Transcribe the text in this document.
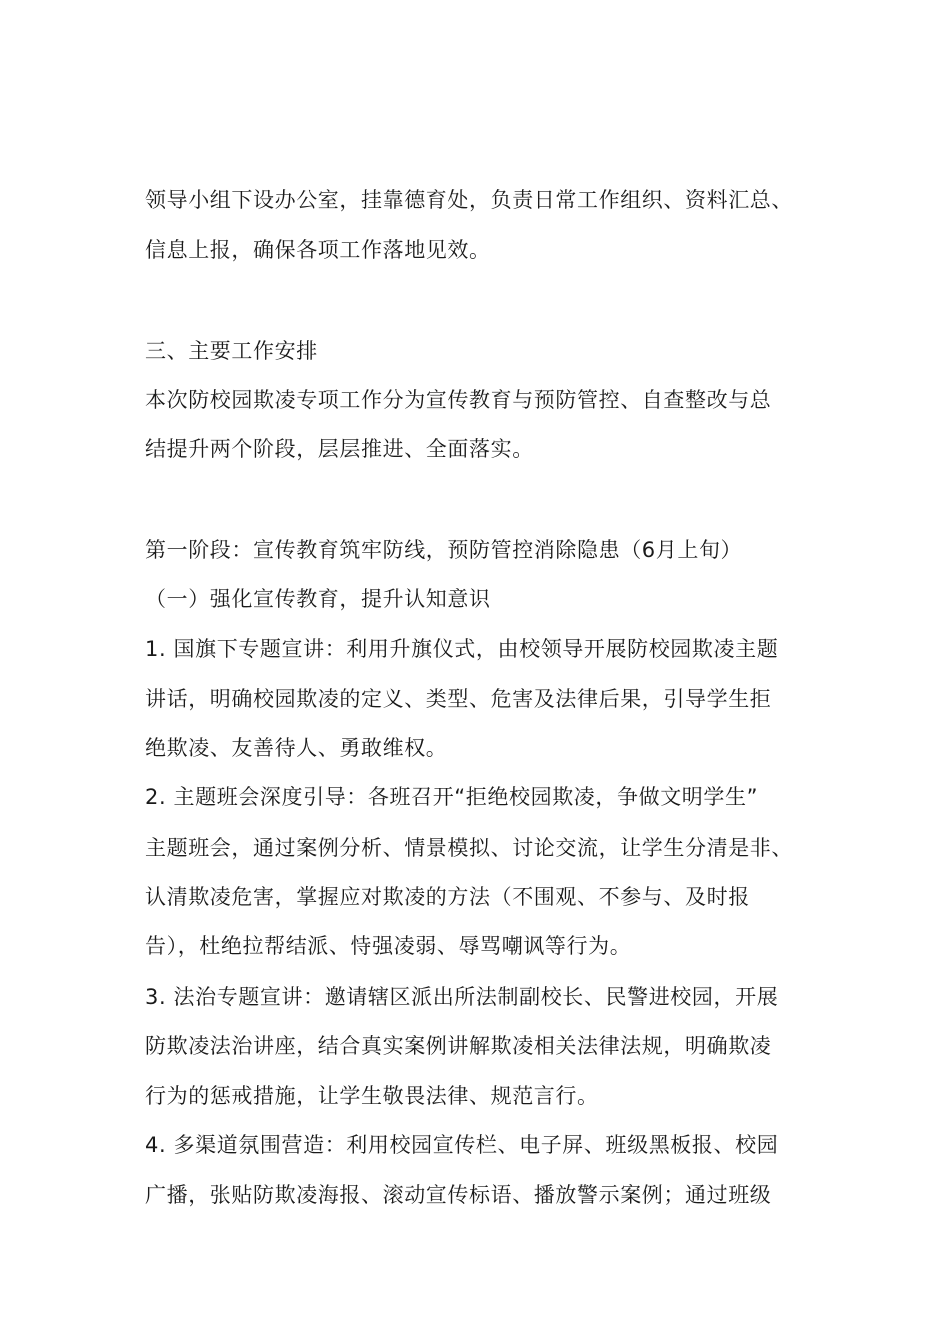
领导小组下设办公室，挂靠德育处，负责日常工作组织、资料汇总、
信息上报，确保各项工作落地见效。
三、主要工作安排
本次防校园欺凌专项工作分为宣传教育与预防管控、自查整改与总
结提升两个阶段，层层推进、全面落实。
第一阶段：宣传教育筑牢防线，预防管控消除隐患（6月上旬）
（一）强化宣传教育，提升认知意识
1. 国旗下专题宣讲：利用升旗仪式，由校领导开展防校园欺凌主题
讲话，明确校园欺凌的定义、类型、危害及法律后果，引导学生拒
绝欺凌、友善待人、勇敢维权。
2. 主题班会深度引导：各班召开“拒绝校园欺凌，争做文明学生”
主题班会，通过案例分析、情景模拟、讨论交流，让学生分清是非、
认清欺凌危害，掌握应对欺凌的方法（不围观、不参与、及时报
告），杜绝拉帮结派、恃强凌弱、辱骂嘲讽等行为。
3. 法治专题宣讲：邀请辖区派出所法制副校长、民警进校园，开展
防欺凌法治讲座，结合真实案例讲解欺凌相关法律法规，明确欺凌
行为的惩戒措施，让学生敬畏法律、规范言行。
4. 多渠道氛围营造：利用校园宣传栏、电子屏、班级黑板报、校园
广播，张贴防欺凌海报、滚动宣传标语、播放警示案例；通过班级
